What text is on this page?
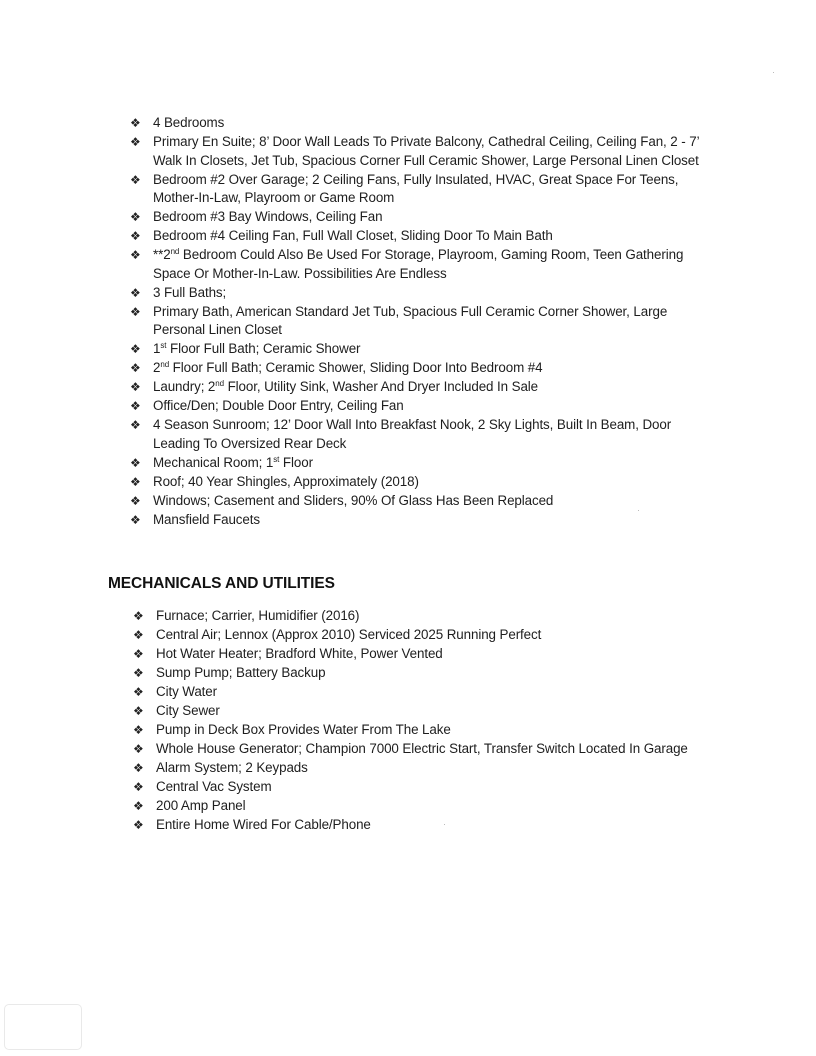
❖ 4 Bedrooms
❖ Primary En Suite; 8’ Door Wall Leads To Private Balcony, Cathedral Ceiling, Ceiling Fan, 2 - 7’ Walk In Closets, Jet Tub, Spacious Corner Full Ceramic Shower, Large Personal Linen Closet
❖ Bedroom #2 Over Garage; 2 Ceiling Fans, Fully Insulated, HVAC, Great Space For Teens, Mother-In-Law, Playroom or Game Room
❖ Bedroom #3 Bay Windows, Ceiling Fan
❖ Bedroom #4 Ceiling Fan, Full Wall Closet, Sliding Door To Main Bath
❖ **2nd Bedroom Could Also Be Used For Storage, Playroom, Gaming Room, Teen Gathering Space Or Mother-In-Law. Possibilities Are Endless
❖ 3 Full Baths;
❖ Primary Bath, American Standard Jet Tub, Spacious Full Ceramic Corner Shower, Large Personal Linen Closet
❖ 1st Floor Full Bath; Ceramic Shower
❖ 2nd Floor Full Bath; Ceramic Shower, Sliding Door Into Bedroom #4
❖ Laundry; 2nd Floor, Utility Sink, Washer And Dryer Included In Sale
❖ Office/Den; Double Door Entry, Ceiling Fan
❖ 4 Season Sunroom; 12’ Door Wall Into Breakfast Nook, 2 Sky Lights, Built In Beam, Door Leading To Oversized Rear Deck
❖ Mechanical Room; 1st Floor
❖ Roof; 40 Year Shingles, Approximately (2018)
❖ Windows; Casement and Sliders, 90% Of Glass Has Been Replaced
❖ Mansfield Faucets
MECHANICALS AND UTILITIES
❖ Furnace; Carrier, Humidifier (2016)
❖ Central Air; Lennox (Approx 2010) Serviced 2025 Running Perfect
❖ Hot Water Heater; Bradford White, Power Vented
❖ Sump Pump; Battery Backup
❖ City Water
❖ City Sewer
❖ Pump in Deck Box Provides Water From The Lake
❖ Whole House Generator; Champion 7000 Electric Start, Transfer Switch Located In Garage
❖ Alarm System; 2 Keypads
❖ Central Vac System
❖ 200 Amp Panel
❖ Entire Home Wired For Cable/Phone
